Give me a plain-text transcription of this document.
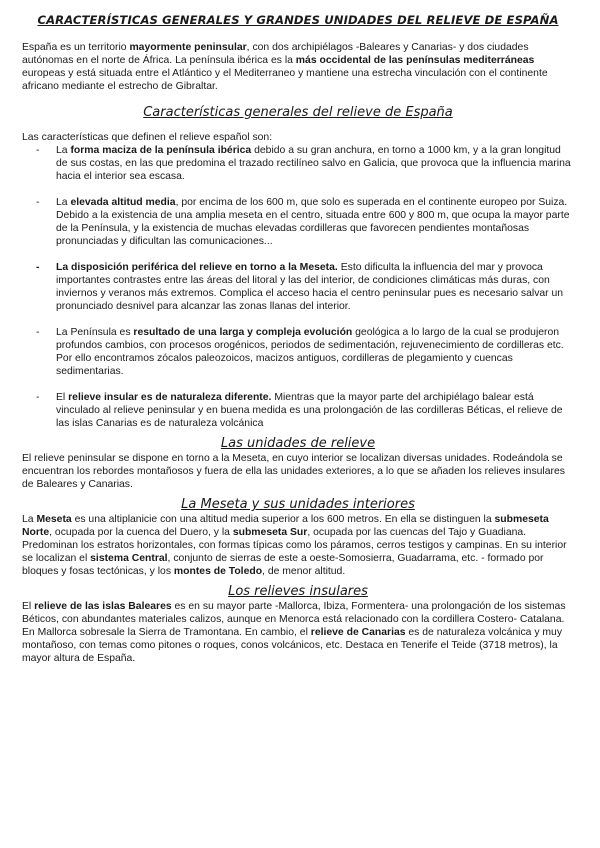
CARACTERÍSTICAS GENERALES Y GRANDES UNIDADES DEL RELIEVE DE ESPAÑA

España es un territorio mayormente peninsular, con dos archipiélagos -Baleares y Canarias- y dos ciudades autónomas en el norte de África. La península ibérica es la más occidental de las penínsulas mediterráneas europeas y está situada entre el Atlántico y el Mediterraneo y mantiene una estrecha vinculación con el continente africano mediante el estrecho de Gibraltar.

Características generales del relieve de España

Las características que definen el relieve español son:

- La forma maciza de la península ibérica debido a su gran anchura, en torno a 1000 km, y a la gran longitud de sus costas, en las que predomina el trazado rectilíneo salvo en Galicia, que provoca que la influencia marina hacia el interior sea escasa.
- La elevada altitud media, por encima de los 600 m, que solo es superada en el continente europeo por Suiza. Debido a la existencia de una amplia meseta en el centro, situada entre 600 y 800 m, que ocupa la mayor parte de la Península, y la existencia de muchas elevadas cordilleras que favorecen pendientes montañosas pronunciadas y dificultan las comunicaciones...
- La disposición periférica del relieve en torno a la Meseta. Esto dificulta la influencia del mar y provoca importantes contrastes entre las áreas del litoral y las del interior, de condiciones climáticas más duras, con inviernos y veranos más extremos. Complica el acceso hacia el centro peninsular pues es necesario salvar un pronunciado desnivel para alcanzar las zonas llanas del interior.
- La Península es resultado de una larga y compleja evolución geológica a lo largo de la cual se produjeron profundos cambios, con procesos orogénicos, periodos de sedimentación, rejuvenecimiento de cordilleras etc. Por ello encontramos zócalos paleozoicos, macizos antiguos, cordilleras de plegamiento y cuencas sedimentarias.
- El relieve insular es de naturaleza diferente. Mientras que la mayor parte del archipiélago balear está vinculado al relieve peninsular y en buena medida es una prolongación de las cordilleras Béticas, el relieve de las islas Canarias es de naturaleza volcánica
Las unidades de relieve

El relieve peninsular se dispone en torno a la Meseta, en cuyo interior se localizan diversas unidades. Rodeándola se encuentran los rebordes montañosos y fuera de ella las unidades exteriores, a lo que se añaden los relieves insulares de Baleares y Canarias.

La Meseta y sus unidades interiores

La Meseta es una altiplanicie con una altitud media superior a los 600 metros. En ella se distinguen la submeseta Norte, ocupada por la cuenca del Duero, y la submeseta Sur, ocupada por las cuencas del Tajo y Guadiana. Predominan los estratos horizontales, con formas típicas como los páramos, cerros testigos y campinas. En su interior se localizan el sistema Central, conjunto de sierras de este a oeste-Somosierra, Guadarrama, etc. - formado por bloques y fosas tectónicas, y los montes de Toledo, de menor altitud.

Los relieves insulares

El relieve de las islas Baleares es en su mayor parte -Mallorca, Ibiza, Formentera- una prolongación de los sistemas Béticos, con abundantes materiales calizos, aunque en Menorca está relacionado con la cordillera Costero- Catalana. En Mallorca sobresale la Sierra de Tramontana. En cambio, el relieve de Canarias es de naturaleza volcánica y muy montañoso, con temas como pitones o roques, conos volcánicos, etc. Destaca en Tenerife el Teide (3718 metros), la mayor altura de España.
